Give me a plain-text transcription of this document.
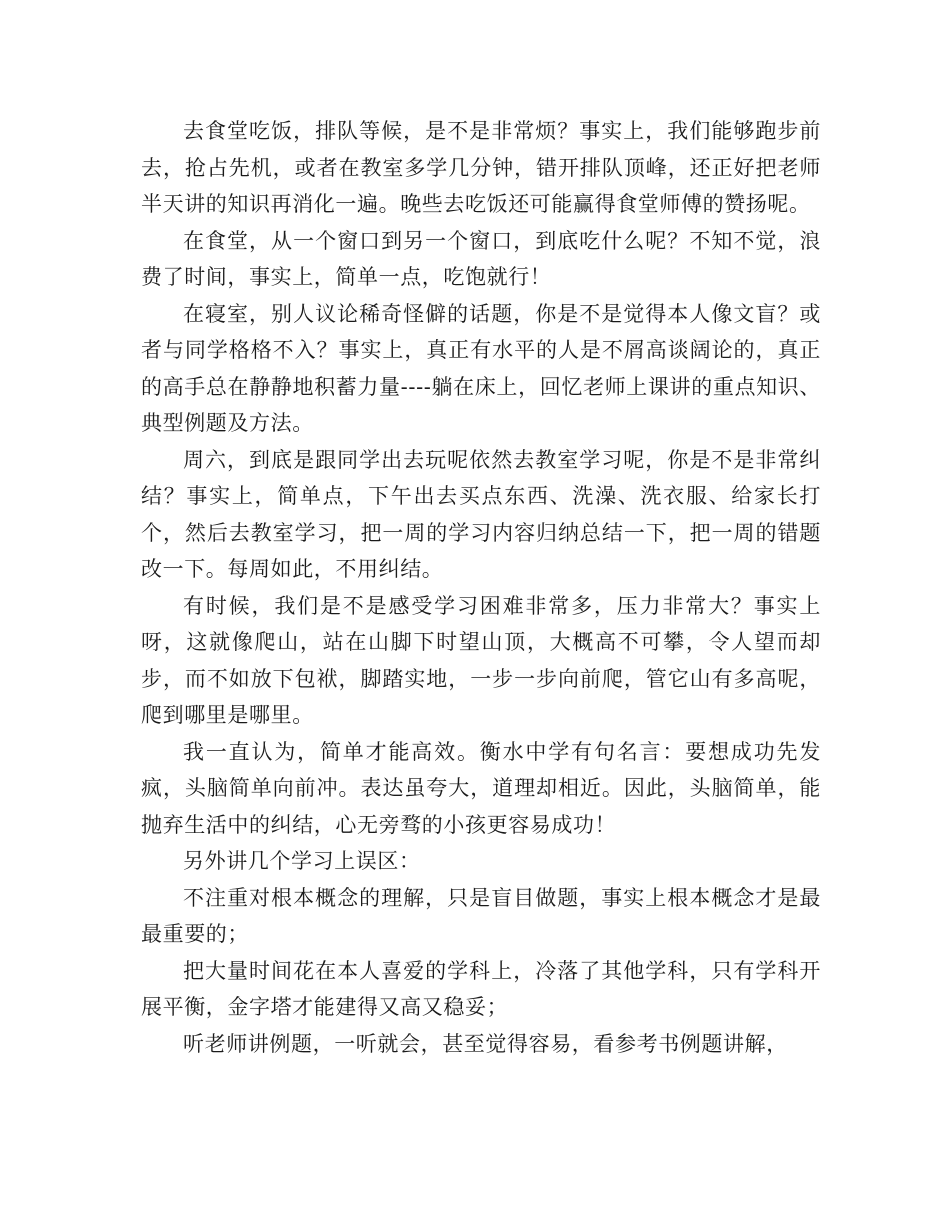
去食堂吃饭，排队等候，是不是非常烦？事实上，我们能够跑步前去，抢占先机，或者在教室多学几分钟，错开排队顶峰，还正好把老师半天讲的知识再消化一遍。晚些去吃饭还可能赢得食堂师傅的赞扬呢。

在食堂，从一个窗口到另一个窗口，到底吃什么呢？不知不觉，浪费了时间，事实上，简单一点，吃饱就行！

在寝室，别人议论稀奇怪僻的话题，你是不是觉得本人像文盲？或者与同学格格不入？事实上，真正有水平的人是不屑高谈阔论的，真正的高手总在静静地积蓄力量----躺在床上，回忆老师上课讲的重点知识、典型例题及方法。

周六，到底是跟同学出去玩呢依然去教室学习呢，你是不是非常纠结？事实上，简单点，下午出去买点东西、洗澡、洗衣服、给家长打个，然后去教室学习，把一周的学习内容归纳总结一下，把一周的错题改一下。每周如此，不用纠结。

有时候，我们是不是感受学习困难非常多，压力非常大？事实上呀，这就像爬山，站在山脚下时望山顶，大概高不可攀，令人望而却步，而不如放下包袱，脚踏实地，一步一步向前爬，管它山有多高呢，爬到哪里是哪里。

我一直认为，简单才能高效。衡水中学有句名言：要想成功先发疯，头脑简单向前冲。表达虽夸大，道理却相近。因此，头脑简单，能抛弃生活中的纠结，心无旁骛的小孩更容易成功！

另外讲几个学习上误区：

不注重对根本概念的理解，只是盲目做题，事实上根本概念才是最最重要的；

把大量时间花在本人喜爱的学科上，冷落了其他学科，只有学科开展平衡，金字塔才能建得又高又稳妥；

听老师讲例题，一听就会，甚至觉得容易，看参考书例题讲解，
